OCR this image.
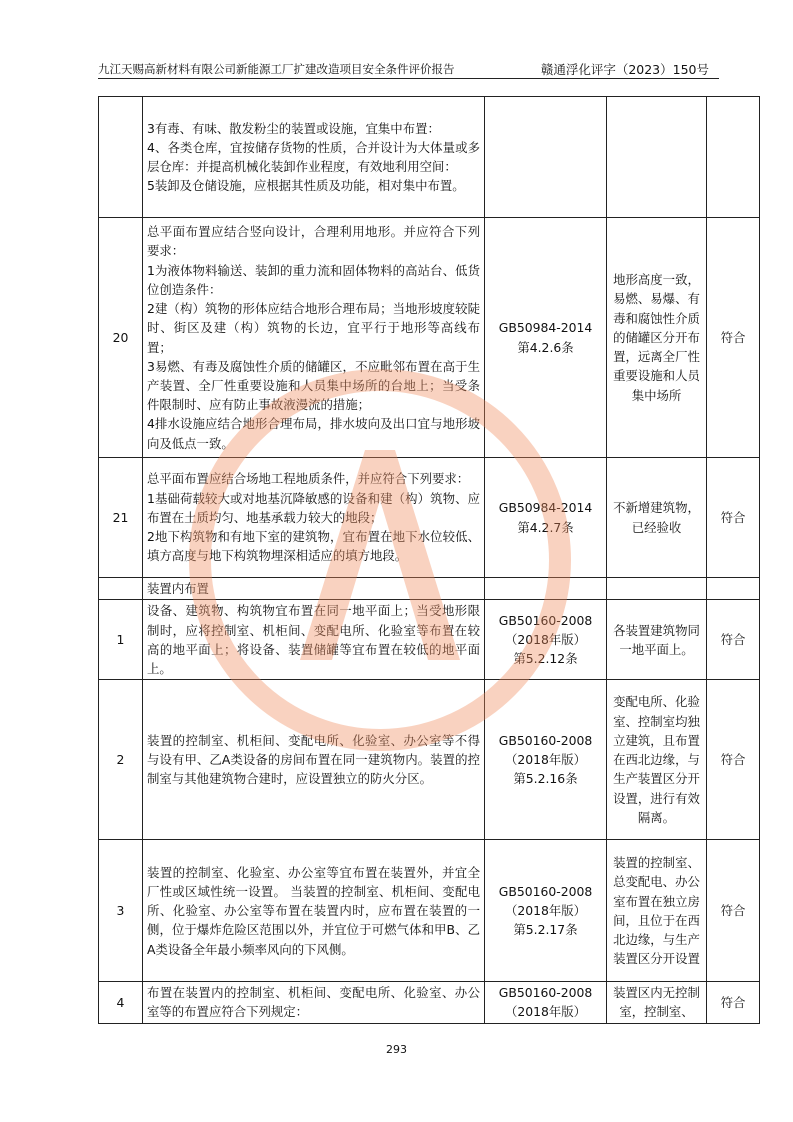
九江天赐高新材料有限公司新能源工厂扩建改造项目安全条件评价报告	赣通浮化评字（2023）150号

	3有毒、有味、散发粉尘的装置或设施，宜集中布置：
4、各类仓库，宜按储存货物的性质，合并设计为大体量或多层仓库：并提高机械化装卸作业程度，有效地利用空间：
5装卸及仓储设施，应根据其性质及功能，相对集中布置。			

20	总平面布置应结合竖向设计，合理利用地形。并应符合下列要求：
1为液体物料输送、装卸的重力流和固体物料的高站台、低货位创造条件：
2建（构）筑物的形体应结合地形合理布局；当地形坡度较陡时、街区及建（构）筑物的长边，宜平行于地形等高线布置；
3易燃、有毒及腐蚀性介质的储罐区，不应毗邻布置在高于生产装置、全厂性重要设施和人员集中场所的台地上；当受条件限制时、应有防止事故液漫流的措施；
4排水设施应结合地形合理布局，排水坡向及出口宜与地形坡向及低点一致。	GB50984-2014
第4.2.6条	地形高度一致，易燃、易爆、有毒和腐蚀性介质的储罐区分开布置，远离全厂性重要设施和人员集中场所	符合
21	总平面布置应结合场地工程地质条件，并应符合下列要求：
1基础荷载较大或对地基沉降敏感的设备和建（构）筑物、应布置在土质均匀、地基承载力较大的地段；
2地下构筑物和有地下室的建筑物，宜布置在地下水位较低、填方高度与地下构筑物埋深相适应的填方地段。	GB50984-2014
第4.2.7条	不新增建筑物，已经验收	符合

	装置内布置			

1	设备、建筑物、构筑物宜布置在同一地平面上；当受地形限制时，应将控制室、机柜间、变配电所、化验室等布置在较高的地平面上；将设备、装置储罐等宜布置在较低的地平面上。	GB50160-2008
（2018年版）
第5.2.12条	各装置建筑物同一地平面上。	符合
2	装置的控制室、机柜间、变配电所、化验室、办公室等不得与设有甲、乙A类设备的房间布置在同一建筑物内。装置的控制室与其他建筑物合建时，应设置独立的防火分区。	GB50160-2008
（2018年版）
第5.2.16条	变配电所、化验室、控制室均独立建筑，且布置在西北边缘，与生产装置区分开设置，进行有效隔离。	符合
3	装置的控制室、化验室、办公室等宜布置在装置外，并宜全厂性或区域性统一设置。 当装置的控制室、机柜间、变配电所、化验室、办公室等布置在装置内时，应布置在装置的一侧，位于爆炸危险区范围以外，并宜位于可燃气体和甲B、乙A类设备全年最小频率风向的下风侧。	GB50160-2008
（2018年版）
第5.2.17条	装置的控制室、总变配电、办公室布置在独立房间，且位于在西北边缘，与生产装置区分开设置	符合
4	布置在装置内的控制室、机柜间、变配电所、化验室、办公室等的布置应符合下列规定：	GB50160-2008
（2018年版）	装置区内无控制室，控制室、	符合
293
